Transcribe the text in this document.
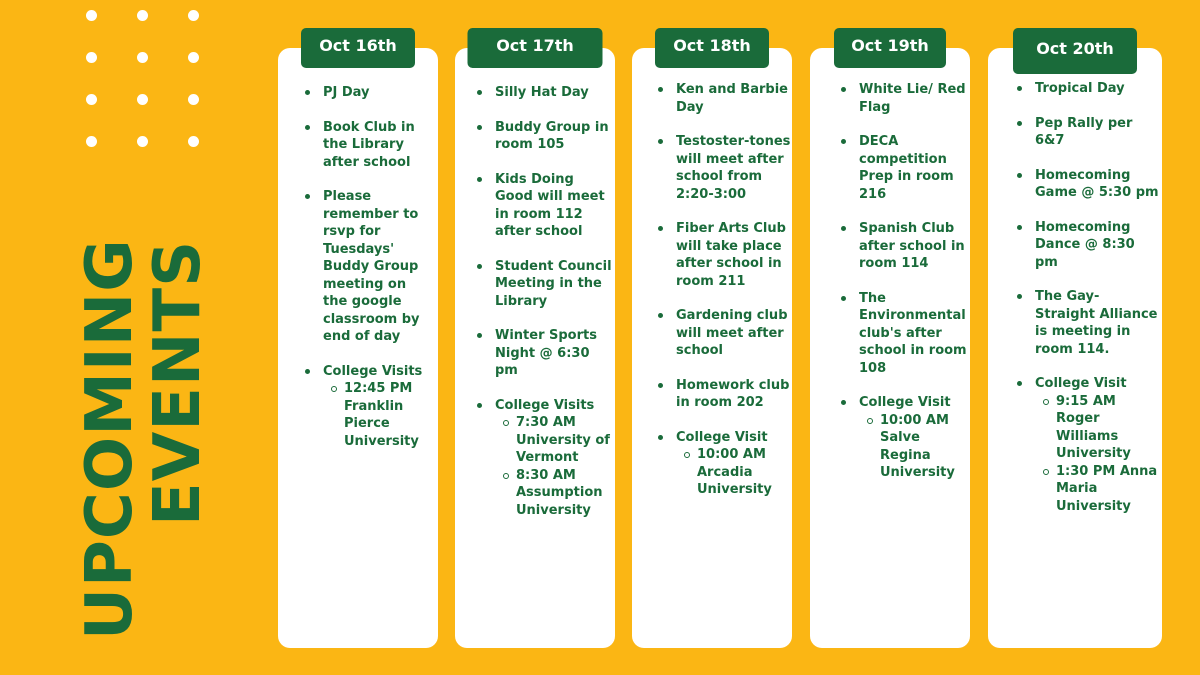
UPCOMING
EVENTS
Oct 16th
PJ Day
Book Club in the Library after school
Please remember to rsvp for Tuesdays' Buddy Group meeting on the google classroom by end of day
College Visits
12:45 PM Franklin Pierce University
Oct 17th
Silly Hat Day
Buddy Group in room 105
Kids Doing Good will meet in room 112 after school
Student Council Meeting in the Library
Winter Sports Night @ 6:30 pm
College Visits
7:30 AM University of Vermont
8:30 AM Assumption University
Oct 18th
Ken and Barbie Day
Testoster-tones will meet after school from 2:20-3:00
Fiber Arts Club will take place after school in room 211
Gardening club will meet after school
Homework club in room 202
College Visit
10:00 AM Arcadia University
Oct 19th
White Lie/ Red Flag
DECA competition Prep in room 216
Spanish Club after school in room 114
The Environmental club's after school in room 108
College Visit
10:00 AM Salve Regina University
Oct 20th
Tropical Day
Pep Rally per 6&7
Homecoming Game @ 5:30 pm
Homecoming Dance @ 8:30 pm
The Gay-Straight Alliance is meeting in room 114.
College Visit
9:15 AM Roger Williams University
1:30 PM Anna Maria University
